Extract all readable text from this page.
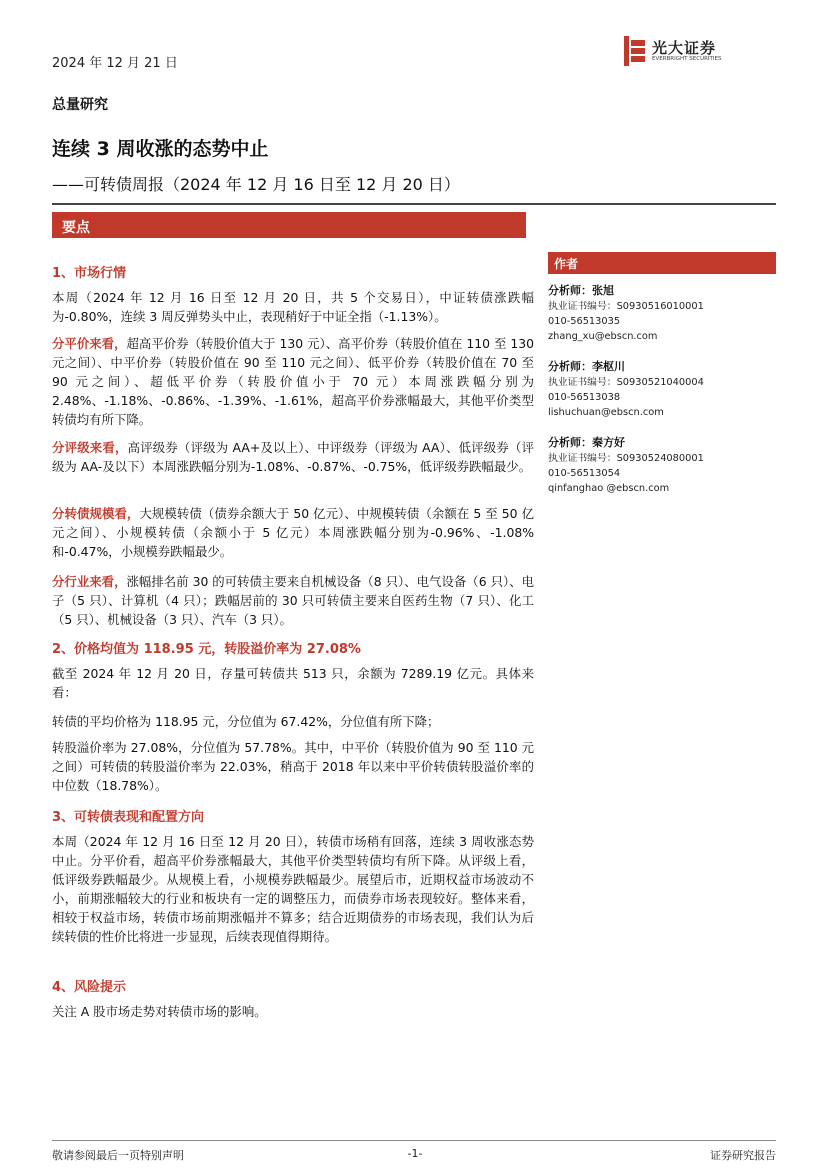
2024 年 12 月 21 日
光大证券
EVERBRIGHT SECURITIES
总量研究
连续 3 周收涨的态势中止
——可转债周报（2024 年 12 月 16 日至 12 月 20 日）
要点
1、市场行情
本周（2024 年 12 月 16 日至 12 月 20 日，共 5 个交易日），中证转债涨跌幅为-0.80%，连续 3 周反弹势头中止，表现稍好于中证全指（-1.13%）。
分平价来看，超高平价券（转股价值大于 130 元）、高平价券（转股价值在 110 至 130 元之间）、中平价券（转股价值在 90 至 110 元之间）、低平价券（转股价值在 70 至 90 元之间）、超低平价券（转股价值小于 70 元）本周涨跌幅分别为 2.48%、-1.18%、-0.86%、-1.39%、-1.61%，超高平价券涨幅最大，其他平价类型转债均有所下降。
分评级来看，高评级券（评级为 AA+及以上）、中评级券（评级为 AA）、低评级券（评级为 AA-及以下）本周涨跌幅分别为-1.08%、-0.87%、-0.75%，低评级券跌幅最少。
分转债规模看，大规模转债（债券余额大于 50 亿元）、中规模转债（余额在 5 至 50 亿元之间）、小规模转债（余额小于 5 亿元）本周涨跌幅分别为-0.96%、-1.08%和-0.47%，小规模券跌幅最少。
分行业来看，涨幅排名前 30 的可转债主要来自机械设备（8 只）、电气设备（6 只）、电子（5 只）、计算机（4 只）；跌幅居前的 30 只可转债主要来自医药生物（7 只）、化工（5 只）、机械设备（3 只）、汽车（3 只）。
2、价格均值为 118.95 元，转股溢价率为 27.08%
截至 2024 年 12 月 20 日，存量可转债共 513 只，余额为 7289.19 亿元。具体来看：
转债的平均价格为 118.95 元，分位值为 67.42%，分位值有所下降；
转股溢价率为 27.08%，分位值为 57.78%。其中，中平价（转股价值为 90 至 110 元之间）可转债的转股溢价率为 22.03%，稍高于 2018 年以来中平价转债转股溢价率的中位数（18.78%）。
3、可转债表现和配置方向
本周（2024 年 12 月 16 日至 12 月 20 日），转债市场稍有回落，连续 3 周收涨态势中止。分平价看，超高平价券涨幅最大，其他平价类型转债均有所下降。从评级上看，低评级券跌幅最少。从规模上看，小规模券跌幅最少。展望后市，近期权益市场波动不小，前期涨幅较大的行业和板块有一定的调整压力，而债券市场表现较好。整体来看，相较于权益市场，转债市场前期涨幅并不算多；结合近期债券的市场表现，我们认为后续转债的性价比将进一步显现，后续表现值得期待。
4、风险提示
关注 A 股市场走势对转债市场的影响。
作者
分析师：张旭
执业证书编号：S0930516010001
010-56513035
zhang_xu@ebscn.com
分析师：李枢川
执业证书编号：S0930521040004
010-56513038
lishuchuan@ebscn.com
分析师：秦方好
执业证书编号：S0930524080001
010-56513054
qinfanghao @ebscn.com
敬请参阅最后一页特别声明	-1-	证券研究报告
